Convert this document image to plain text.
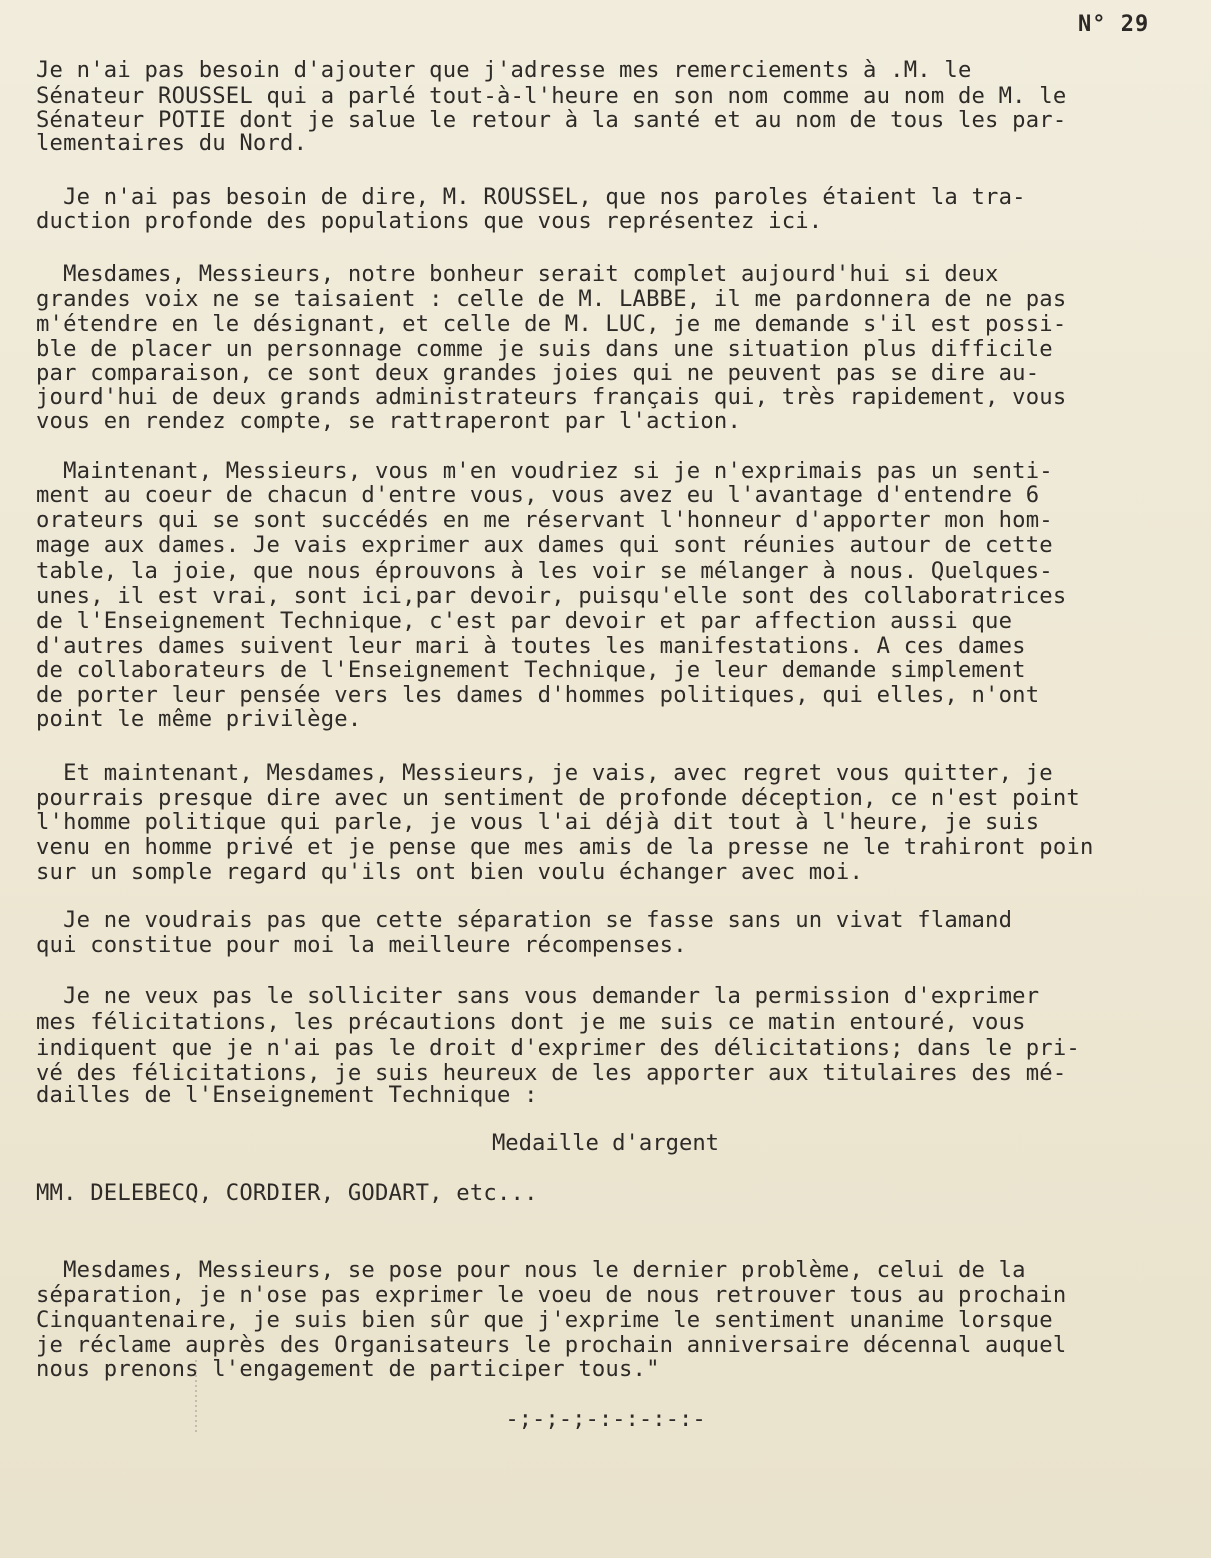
N° 29
Je n'ai pas besoin d'ajouter que j'adresse mes remerciements à .M. le
Sénateur ROUSSEL qui a parlé tout-à-l'heure en son nom comme au nom de M. le
Sénateur POTIE dont je salue le retour à la santé et au nom de tous les par-
lementaires du Nord.
Je n'ai pas besoin de dire, M. ROUSSEL, que nos paroles étaient la tra-
duction profonde des populations que vous représentez ici.
Mesdames, Messieurs, notre bonheur serait complet aujourd'hui si deux
grandes voix ne se taisaient : celle de M. LABBE, il me pardonnera de ne pas
m'étendre en le désignant, et celle de M. LUC, je me demande s'il est possi-
ble de placer un personnage comme je suis dans une situation plus difficile
par comparaison, ce sont deux grandes joies qui ne peuvent pas se dire au-
jourd'hui de deux grands administrateurs français qui, très rapidement, vous
vous en rendez compte, se rattraperont par l'action.
Maintenant, Messieurs, vous m'en voudriez si je n'exprimais pas un senti-
ment au coeur de chacun d'entre vous, vous avez eu l'avantage d'entendre 6
orateurs qui se sont succédés en me réservant l'honneur d'apporter mon hom-
mage aux dames. Je vais exprimer aux dames qui sont réunies autour de cette
table, la joie, que nous éprouvons à les voir se mélanger à nous. Quelques-
unes, il est vrai, sont ici,par devoir, puisqu'elle sont des collaboratrices
de l'Enseignement Technique, c'est par devoir et par affection aussi que
d'autres dames suivent leur mari à toutes les manifestations. A ces dames
de collaborateurs de l'Enseignement Technique, je leur demande simplement
de porter leur pensée vers les dames d'hommes politiques, qui elles, n'ont
point le même privilège.
Et maintenant, Mesdames, Messieurs, je vais, avec regret vous quitter, je
pourrais presque dire avec un sentiment de profonde déception, ce n'est point
l'homme politique qui parle, je vous l'ai déjà dit tout à l'heure, je suis
venu en homme privé et je pense que mes amis de la presse ne le trahiront poin
sur un somple regard qu'ils ont bien voulu échanger avec moi.
Je ne voudrais pas que cette séparation se fasse sans un vivat flamand
qui constitue pour moi la meilleure récompenses.
Je ne veux pas le solliciter sans vous demander la permission d'exprimer
mes félicitations, les précautions dont je me suis ce matin entouré, vous
indiquent que je n'ai pas le droit d'exprimer des délicitations; dans le pri-
vé des félicitations, je suis heureux de les apporter aux titulaires des mé-
dailles de l'Enseignement Technique :
Medaille d'argent
MM. DELEBECQ, CORDIER, GODART, etc...
Mesdames, Messieurs, se pose pour nous le dernier problème, celui de la
séparation, je n'ose pas exprimer le voeu de nous retrouver tous au prochain
Cinquantenaire, je suis bien sûr que j'exprime le sentiment unanime lorsque
je réclame auprès des Organisateurs le prochain anniversaire décennal auquel
nous prenons l'engagement de participer tous."
-;-;-;-:-:-:-:-
